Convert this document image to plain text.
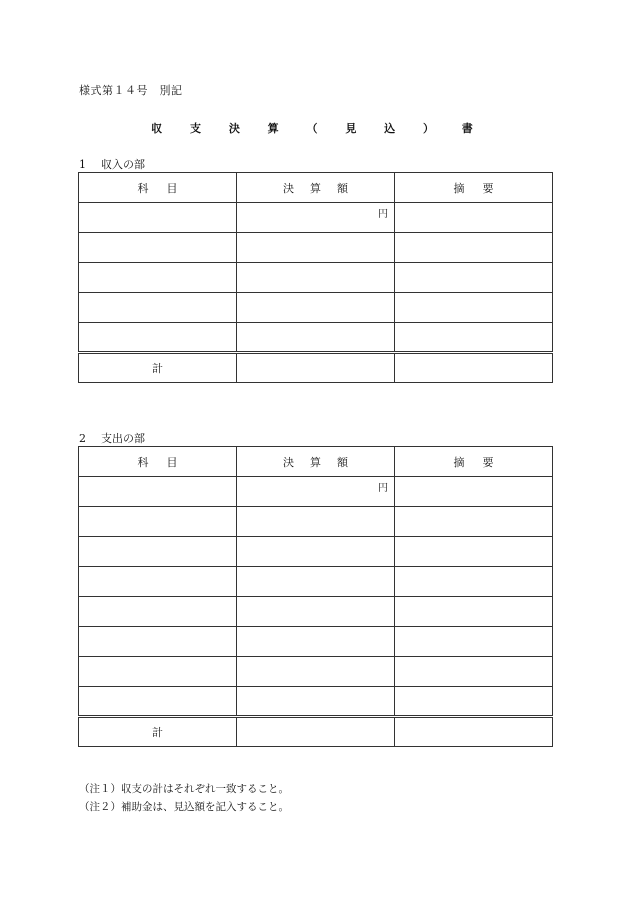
様式第１４号　別記
収 支 決 算 （ 見 込 ） 書
1 収入の部
科目	決算額	摘要
	円	

計		
2 支出の部
科目	決算額	摘要
	円	

計		
（注１）収支の計はそれぞれ一致すること。
（注２）補助金は、見込額を記入すること。
